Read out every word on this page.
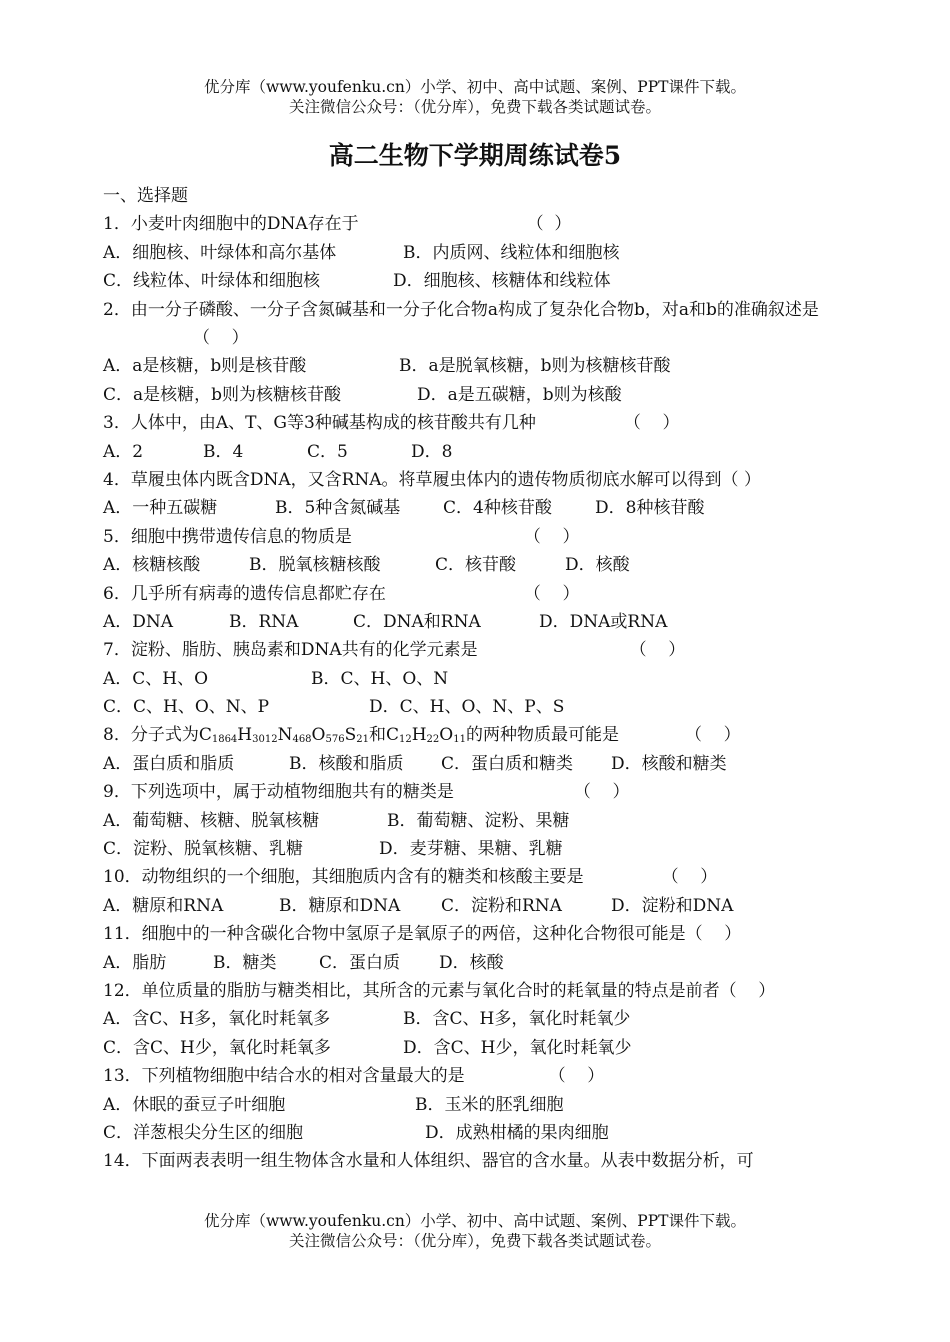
优分库（www.youfenku.cn）小学、初中、高中试题、案例、PPT课件下载。
关注微信公众号：（优分库），免费下载各类试题试卷。
高二生物下学期周练试卷5
一、选择题
1．小麦叶肉细胞中的DNA存在于	（  ）
A．细胞核、叶绿体和高尔基体	B．内质网、线粒体和细胞核
C．线粒体、叶绿体和细胞核	D．细胞核、核糖体和线粒体
2．由一分子磷酸、一分子含氮碱基和一分子化合物a构成了复杂化合物b，对a和b的准确叙述是（    ）
A．a是核糖，b则是核苷酸	B．a是脱氧核糖，b则为核糖核苷酸
C．a是核糖，b则为核糖核苷酸	D．a是五碳糖，b则为核酸
3．人体中，由A、T、G等3种碱基构成的核苷酸共有几种	（    ）
A．2	B．4	C．5	D．8
4．草履虫体内既含DNA，又含RNA。将草履虫体内的遗传物质彻底水解可以得到（ ）
A．一种五碳糖	B．5种含氮碱基	C．4种核苷酸	D．8种核苷酸
5．细胞中携带遗传信息的物质是	（    ）
A．核糖核酸	B．脱氧核糖核酸	C．核苷酸	D．核酸
6．几乎所有病毒的遗传信息都贮存在	（    ）
A．DNA	B．RNA	C．DNA和RNA	D．DNA或RNA
7．淀粉、脂肪、胰岛素和DNA共有的化学元素是	（    ）
A．C、H、O	B．C、H、O、N
C．C、H、O、N、P	D．C、H、O、N、P、S
8．分子式为$C_{1864}H_{3012}N_{468}O_{576}S_{21}$和$C_{12}H_{22}O_{11}$的两种物质最可能是	（    ）
A．蛋白质和脂质	B．核酸和脂质 C．蛋白质和糖类 D．核酸和糖类
9．下列选项中，属于动植物细胞共有的糖类是	（    ）
A．葡萄糖、核糖、脱氧核糖	B．葡萄糖、淀粉、果糖
C．淀粉、脱氧核糖、乳糖	D．麦芽糖、果糖、乳糖
10．动物组织的一个细胞，其细胞质内含有的糖类和核酸主要是	（    ）
A．糖原和RNA	B．糖原和DNA C．淀粉和RNA	D．淀粉和DNA
11．细胞中的一种含碳化合物中氢原子是氧原子的两倍，这种化合物很可能是（    ）
A．脂肪	B．糖类	C．蛋白质 D．核酸
12．单位质量的脂肪与糖类相比，其所含的元素与氧化合时的耗氧量的特点是前者（    ）
A．含C、H多，氧化时耗氧多	B．含C、H多，氧化时耗氧少
C．含C、H少，氧化时耗氧多	D．含C、H少，氧化时耗氧少
13．下列植物细胞中结合水的相对含量最大的是	（    ）
A．休眠的蚕豆子叶细胞	B．玉米的胚乳细胞
C．洋葱根尖分生区的细胞	D．成熟柑橘的果肉细胞
14．下面两表表明一组生物体含水量和人体组织、器官的含水量。从表中数据分析，可
优分库（www.youfenku.cn）小学、初中、高中试题、案例、PPT课件下载。
关注微信公众号：（优分库），免费下载各类试题试卷。
